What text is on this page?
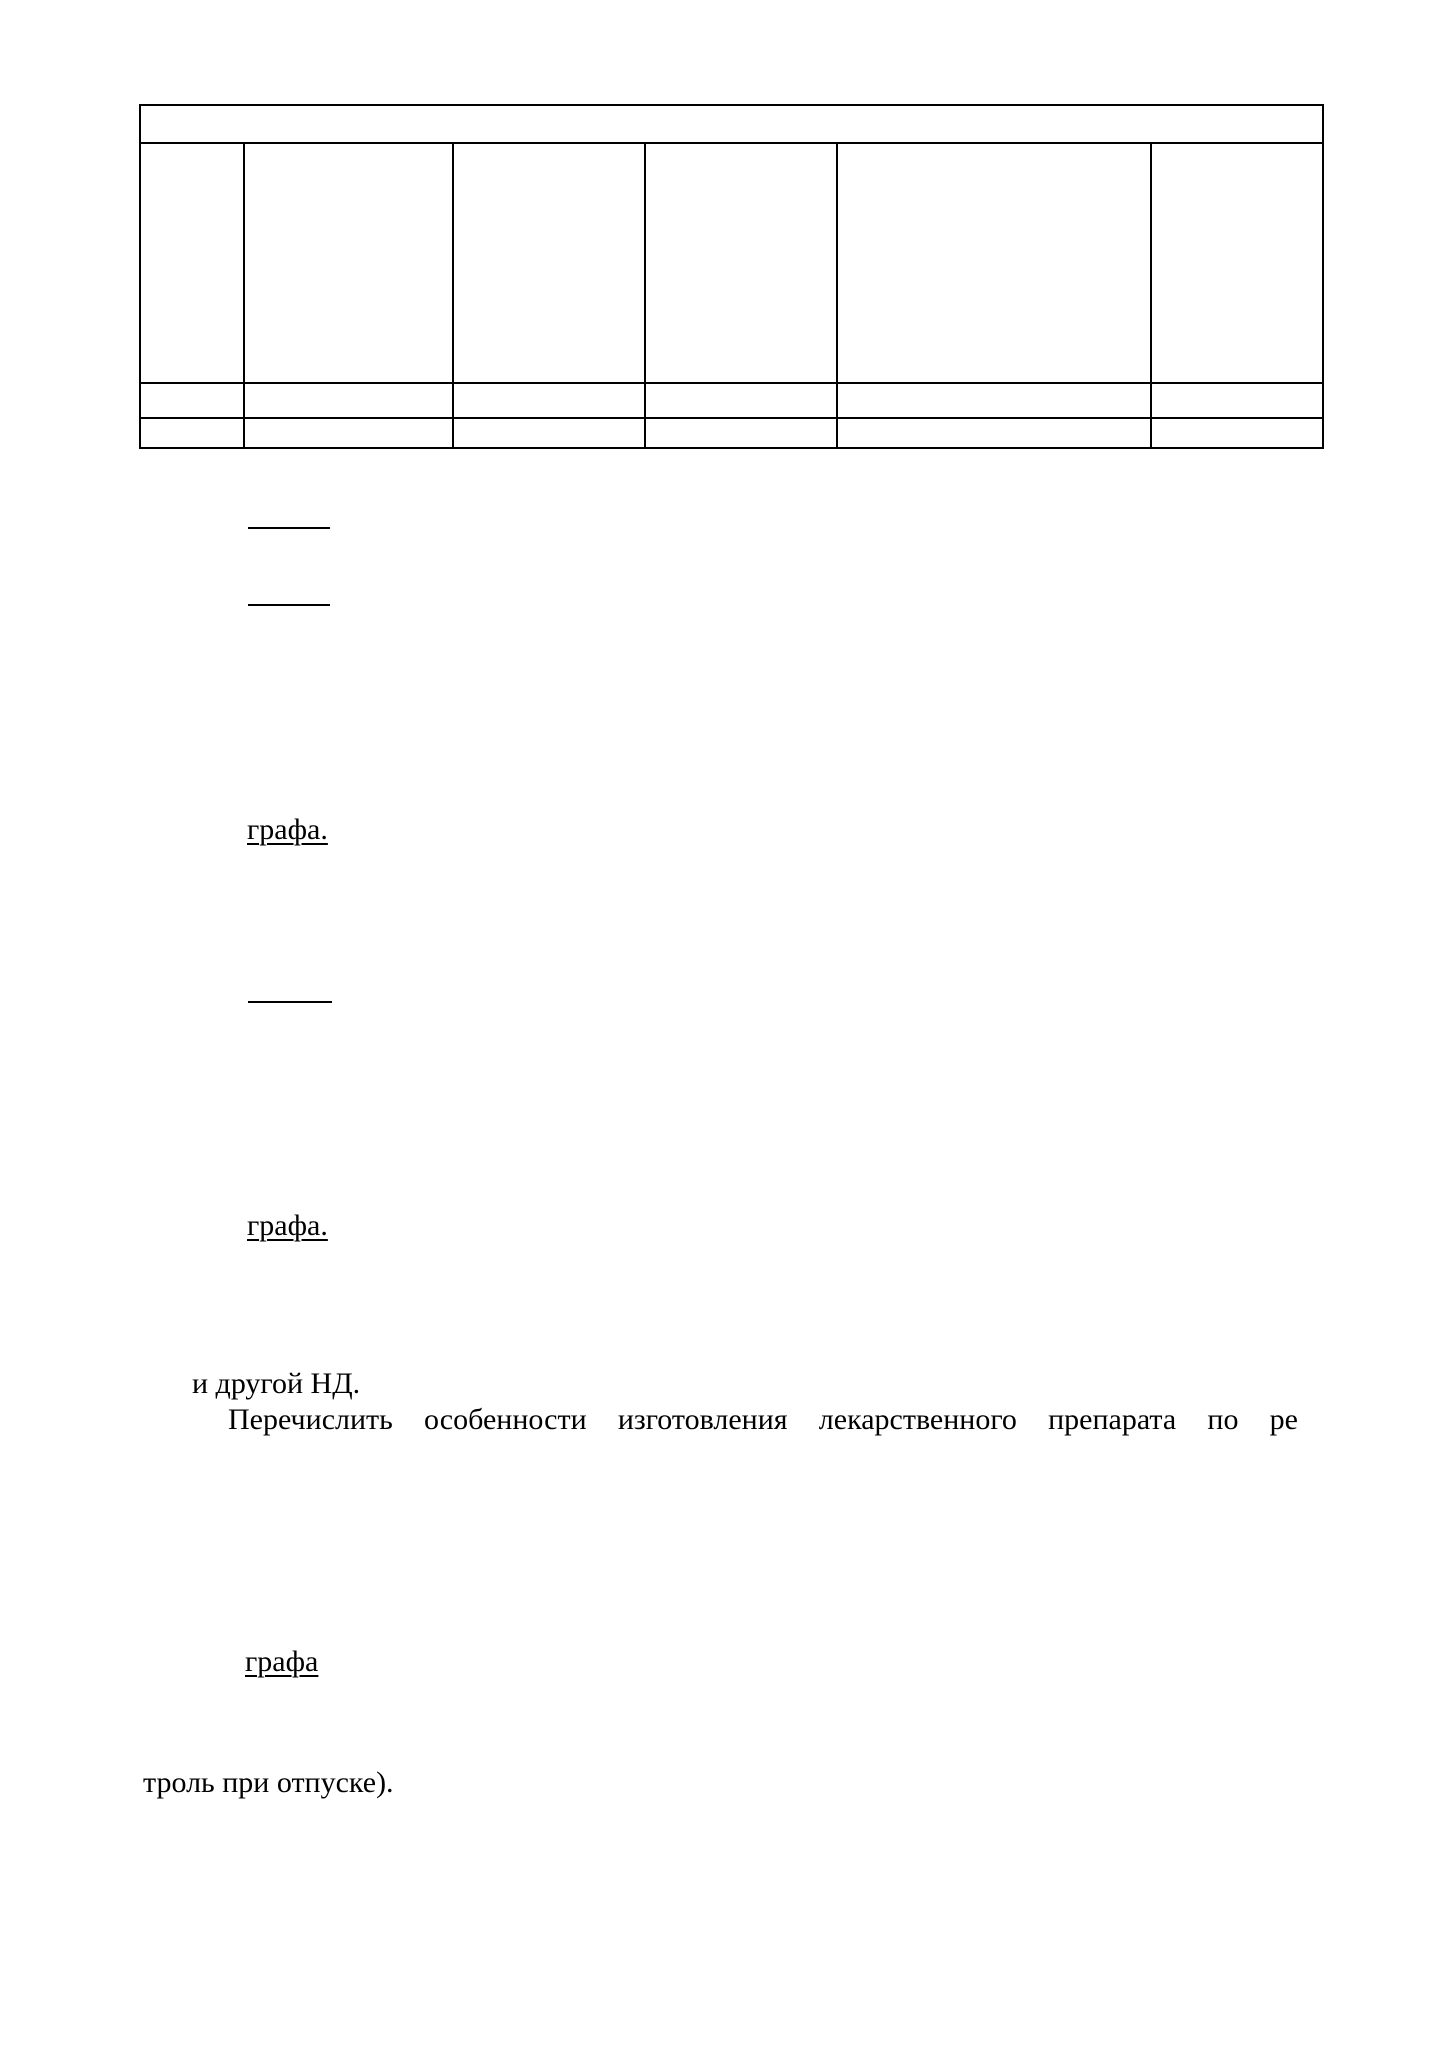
графа.
графа.
и другой НД.
Перечислить особенности изготовления лекарственного препарата по ре
графа
троль при отпуске).
